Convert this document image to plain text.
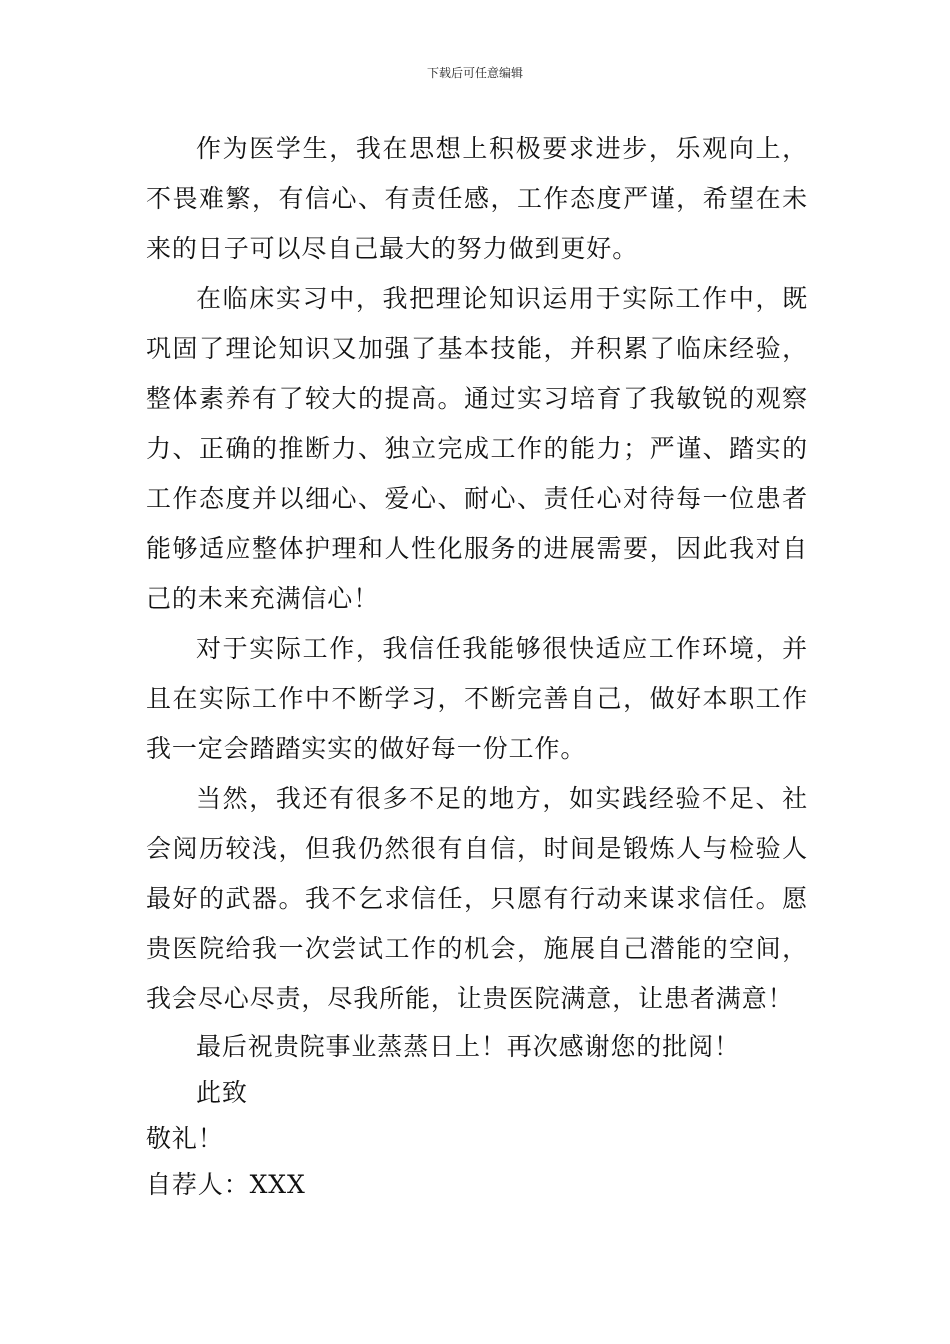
下载后可任意编辑

作为医学生，我在思想上积极要求进步，乐观向上，不畏难繁，有信心、有责任感，工作态度严谨，希望在未来的日子可以尽自己最大的努力做到更好。

在临床实习中，我把理论知识运用于实际工作中，既巩固了理论知识又加强了基本技能，并积累了临床经验，整体素养有了较大的提高。通过实习培育了我敏锐的观察力、正确的推断力、独立完成工作的能力；严谨、踏实的工作态度并以细心、爱心、耐心、责任心对待每一位患者能够适应整体护理和人性化服务的进展需要，因此我对自己的未来充满信心！

对于实际工作，我信任我能够很快适应工作环境，并且在实际工作中不断学习，不断完善自己，做好本职工作我一定会踏踏实实的做好每一份工作。

当然，我还有很多不足的地方，如实践经验不足、社会阅历较浅，但我仍然很有自信，时间是锻炼人与检验人最好的武器。我不乞求信任，只愿有行动来谋求信任。愿贵医院给我一次尝试工作的机会，施展自己潜能的空间，我会尽心尽责，尽我所能，让贵医院满意，让患者满意！

最后祝贵院事业蒸蒸日上！再次感谢您的批阅！

此致

敬礼！

自荐人：XXX
